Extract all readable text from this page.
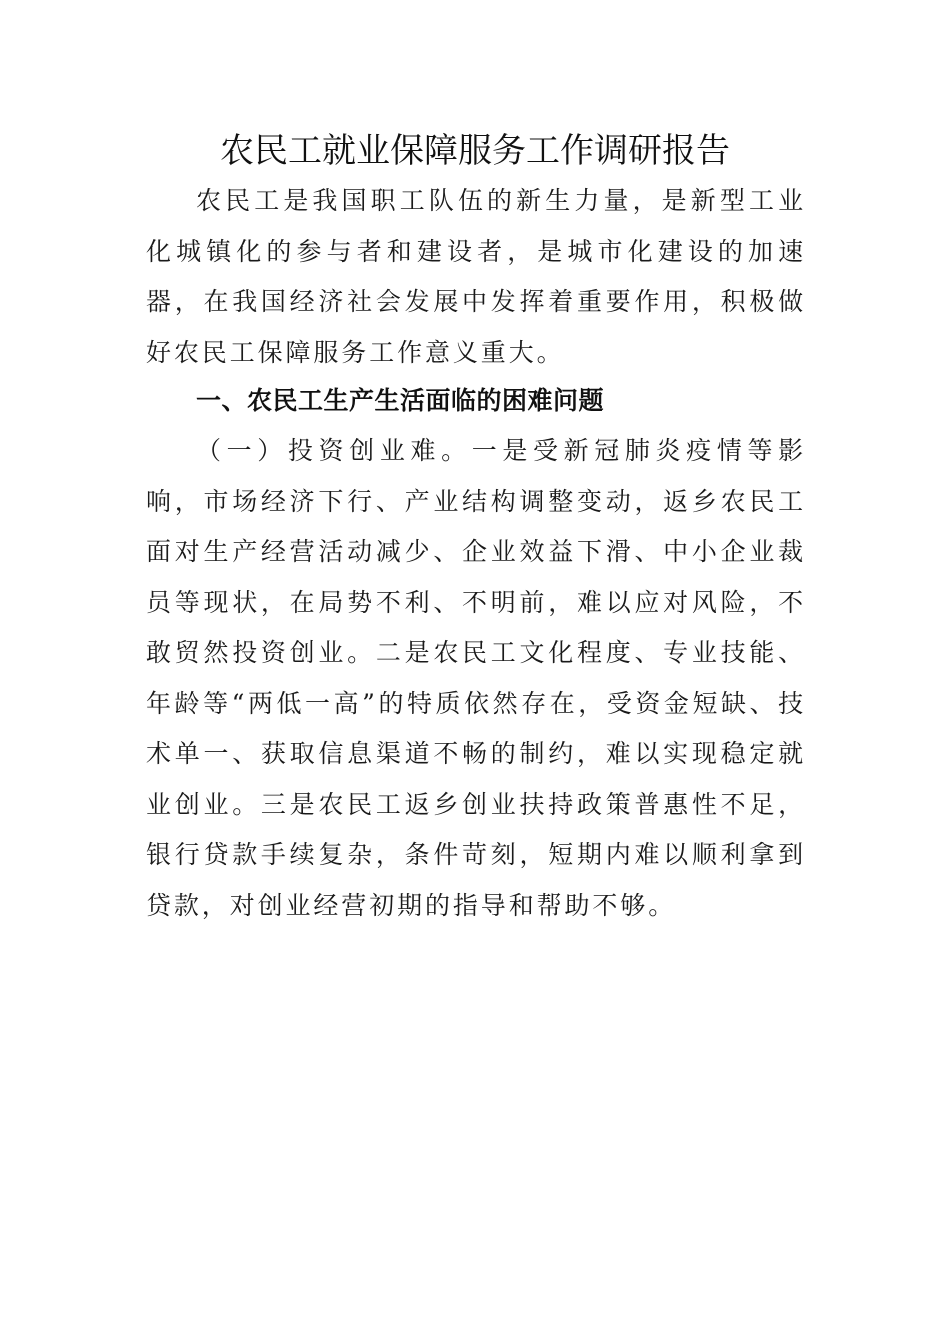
农民工就业保障服务工作调研报告

农民工是我国职工队伍的新生力量，是新型工业化城镇化的参与者和建设者，是城市化建设的加速器，在我国经济社会发展中发挥着重要作用，积极做好农民工保障服务工作意义重大。

一、农民工生产生活面临的困难问题

（一）投资创业难。一是受新冠肺炎疫情等影响，市场经济下行、产业结构调整变动，返乡农民工面对生产经营活动减少、企业效益下滑、中小企业裁员等现状，在局势不利、不明前，难以应对风险，不敢贸然投资创业。二是农民工文化程度、专业技能、年龄等“两低一高”的特质依然存在，受资金短缺、技术单一、获取信息渠道不畅的制约，难以实现稳定就业创业。三是农民工返乡创业扶持政策普惠性不足，银行贷款手续复杂，条件苛刻，短期内难以顺利拿到贷款，对创业经营初期的指导和帮助不够。
